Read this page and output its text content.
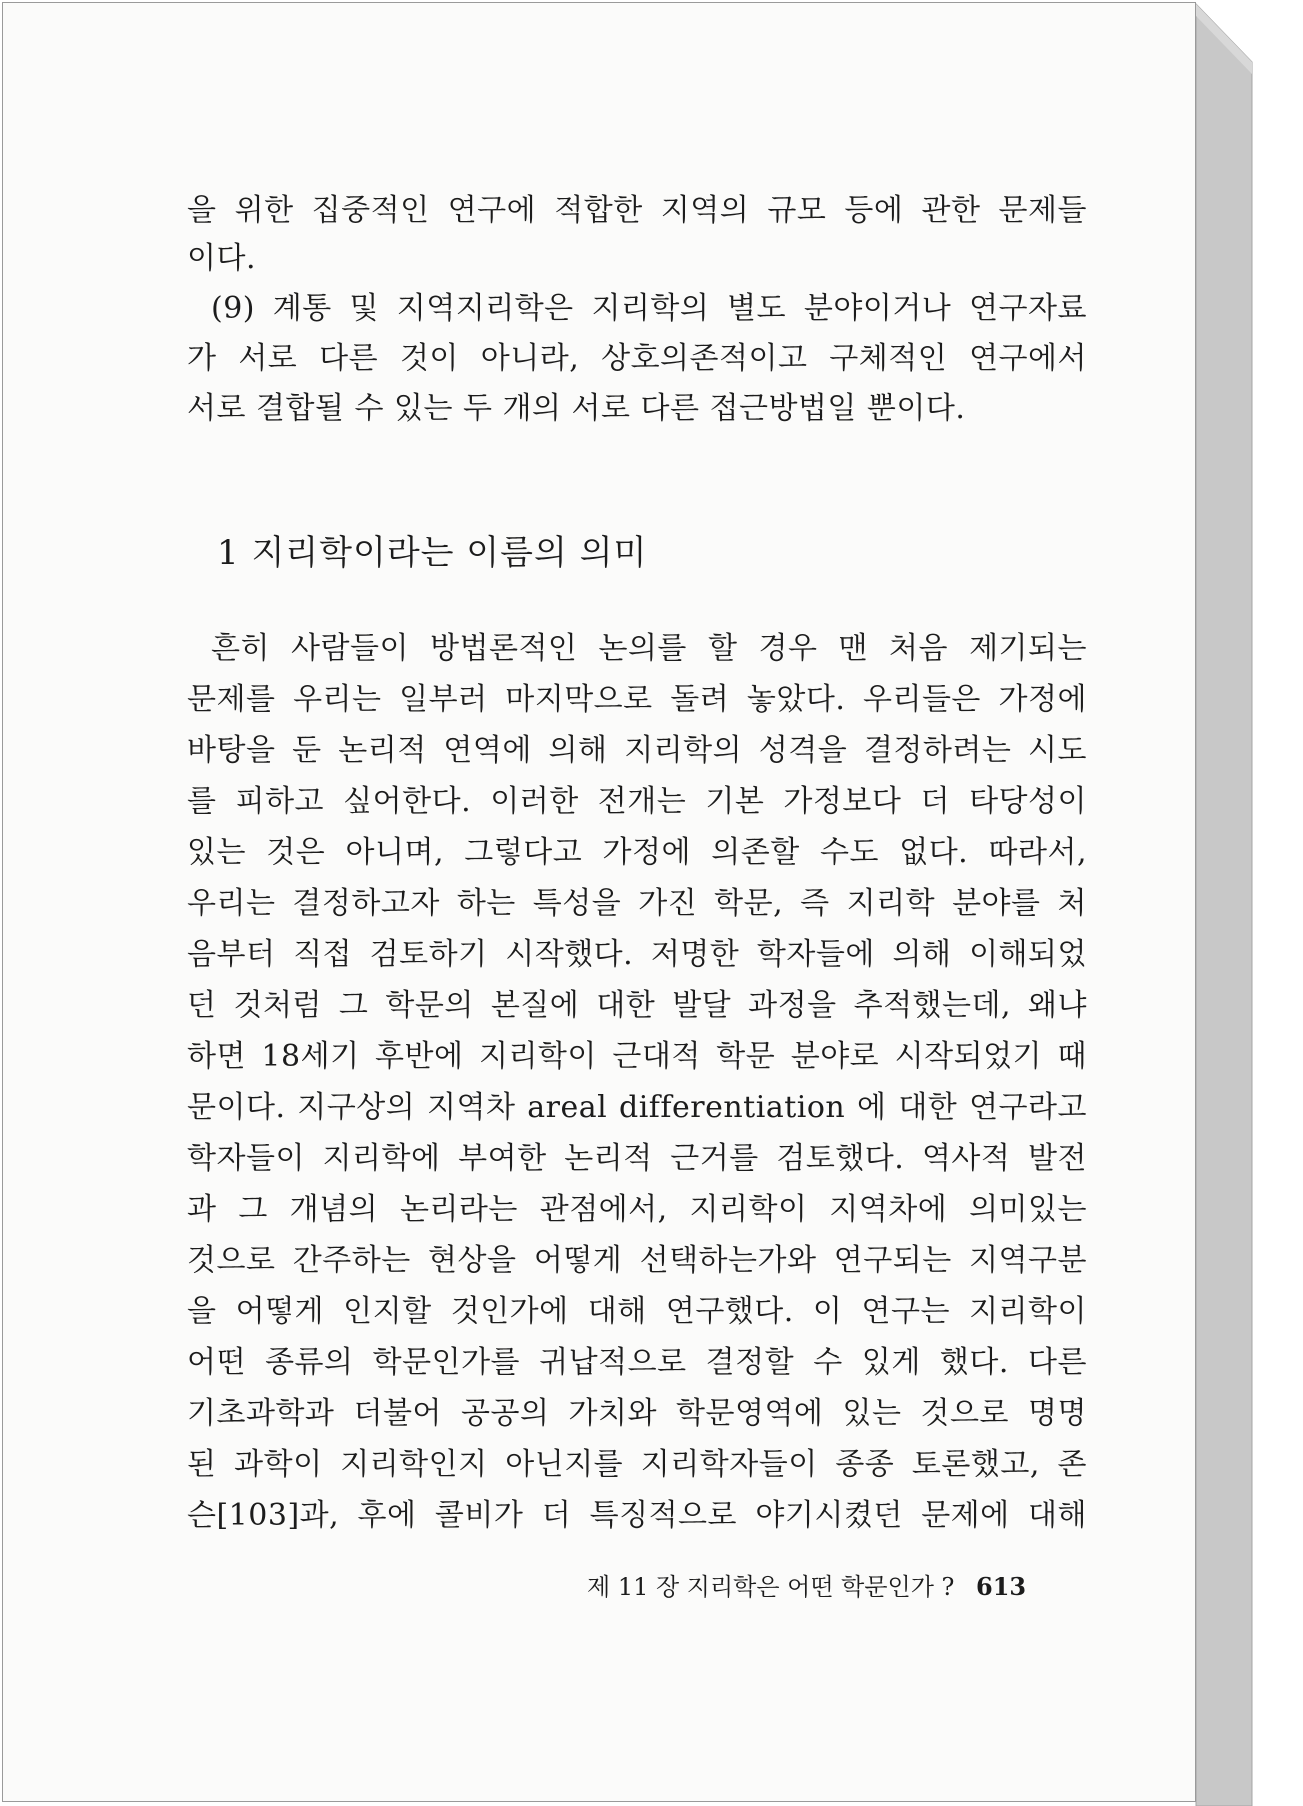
을 위한 집중적인 연구에 적합한 지역의 규모 등에 관한 문제들
이다.
(9) 계통 및 지역지리학은 지리학의 별도 분야이거나 연구자료
가 서로 다른 것이 아니라, 상호의존적이고 구체적인 연구에서
서로 결합될 수 있는 두 개의 서로 다른 접근방법일 뿐이다.
1 지리학이라는 이름의 의미
흔히 사람들이 방법론적인 논의를 할 경우 맨 처음 제기되는
문제를 우리는 일부러 마지막으로 돌려 놓았다. 우리들은 가정에
바탕을 둔 논리적 연역에 의해 지리학의 성격을 결정하려는 시도
를 피하고 싶어한다. 이러한 전개는 기본 가정보다 더 타당성이
있는 것은 아니며, 그렇다고 가정에 의존할 수도 없다. 따라서,
우리는 결정하고자 하는 특성을 가진 학문, 즉 지리학 분야를 처
음부터 직접 검토하기 시작했다. 저명한 학자들에 의해 이해되었
던 것처럼 그 학문의 본질에 대한 발달 과정을 추적했는데, 왜냐
하면 18세기 후반에 지리학이 근대적 학문 분야로 시작되었기 때
문이다. 지구상의 지역차 areal differentiation 에 대한 연구라고
학자들이 지리학에 부여한 논리적 근거를 검토했다. 역사적 발전
과 그 개념의 논리라는 관점에서, 지리학이 지역차에 의미있는
것으로 간주하는 현상을 어떻게 선택하는가와 연구되는 지역구분
을 어떻게 인지할 것인가에 대해 연구했다. 이 연구는 지리학이
어떤 종류의 학문인가를 귀납적으로 결정할 수 있게 했다. 다른
기초과학과 더불어 공공의 가치와 학문영역에 있는 것으로 명명
된 과학이 지리학인지 아닌지를 지리학자들이 종종 토론했고, 존
슨[103]과, 후에 콜비가 더 특징적으로 야기시켰던 문제에 대해
제 11 장 지리학은 어떤 학문인가 ? 613
